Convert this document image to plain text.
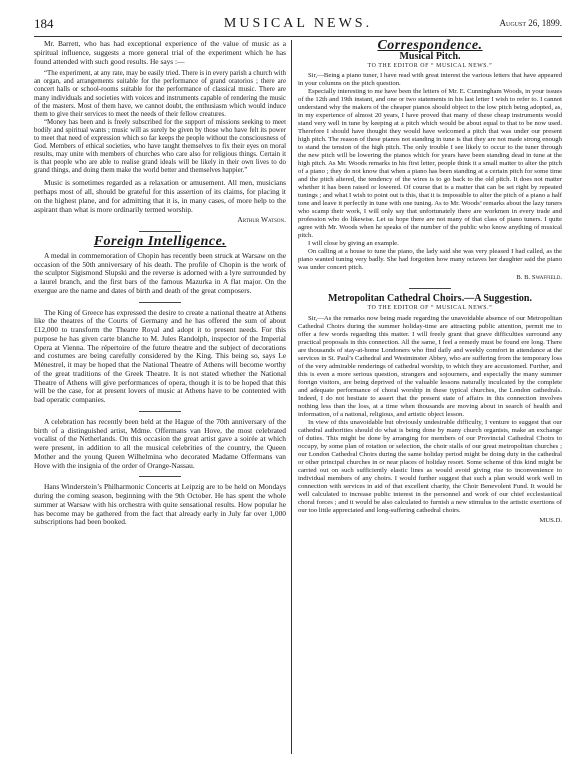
184	MUSICAL NEWS.	August 26, 1899.

Mr. Barrett, who has had exceptional experience of the value of music as a spiritual influence, suggests a more general trial of the experiment which he has found attended with such good results. He says :—

“The experiment, at any rate, may be easily tried. There is in every parish a church with an organ, and arrangements suitable for the performance of grand oratorios ; there are concert halls or school-rooms suitable for the performance of classical music. There are many individuals and societies with voices and instruments capable of rendering the music of the masters. Most of them have, we cannot doubt, the enthusiasm which would induce them to give their services to meet the needs of their fellow creatures.

“Money has been and is freely subscribed for the support of missions seeking to meet bodily and spiritual wants ; music will as surely be given by those who have felt its power to meet that need of expression which so far keeps the people without the consciousness of God. Members of ethical societies, who have taught themselves to fix their eyes on moral results, may unite with members of churches who care also for religious things. Certain it is that people who are able to realise grand ideals will be likely in their own lives to do grand things, and doing them make the world better and themselves happier.”

Music is sometimes regarded as a relaxation or amusement. All men, musicians perhaps most of all, should be grateful for this assertion of its claims, for placing it on the highest plane, and for admitting that it is, in many cases, of more help to the aspirant than what is more ordinarily termed worship.

Arthur Watson.
Foreign Intelligence.

A medal in commemoration of Chopin has recently been struck at Warsaw on the occasion of the 50th anniversary of his death. The profile of Chopin is the work of the sculptor Sigismond Slupski and the reverse is adorned with a lyre surrounded by a laurel branch, and the first bars of the famous Mazurka in A flat major. On the exergue are the name and dates of birth and death of the great composers.

The King of Greece has expressed the desire to create a national theatre at Athens like the theatres of the Courts of Germany and he has offered the sum of about £12,000 to transform the Theatre Royal and adopt it to present needs. For this purpose he has given carte blanche to M. Jules Randolph, inspector of the Imperial Opera at Vienna. The répertoire of the future theatre and the subject of decorations and costumes are being carefully considered by the King. This being so, says Le Ménestrel, it may be hoped that the National Theatre of Athens will become worthy of the great traditions of the Greek Theatre. It is not stated whether the National Theatre of Athens will give performances of opera, though it is to be hoped that this will be the case, for at present lovers of music at Athens have to be contented with bad operatic companies.

A celebration has recently been held at the Hague of the 70th anniversary of the birth of a distinguished artist, Mdme. Offermans van Hove, the most celebrated vocalist of the Netherlands. On this occasion the great artist gave a soirée at which were present, in addition to all the musical celebrities of the country, the Queen Mother and the young Queen Wilhelmina who decorated Madame Offermans van Hove with the insignia of the order of Orange-Nassau.

Hans Winderstein’s Philharmonic Concerts at Leipzig are to be held on Mondays during the coming season, beginning with the 9th October. He has spent the whole summer at Warsaw with his orchestra with quite sensational results. How popular he has become may be gathered from the fact that already early in July far over 1,000 subscriptions had been booked.

Correspondence.
Musical Pitch.
TO THE EDITOR OF “ MUSICAL NEWS.”

Sir,—Being a piano tuner, I have read with great interest the various letters that have appeared in your columns on the pitch question.

Especially interesting to me have been the letters of Mr. E. Cunningham Woods, in your issues of the 12th and 19th instant, and one or two statements in his last letter I wish to refer to. I cannot understand why the makers of the cheaper pianos should object to the low pitch being adopted, as, in my experience of almost 20 years, I have proved that many of these cheap instruments would stand very well in tune by keeping at a pitch which would be about equal to that to be now used. Therefore I should have thought they would have welcomed a pitch that was under our present high pitch. The reason of these pianos not standing in tune is that they are not made strong enough to stand the tension of the high pitch. The only trouble I see likely to occur to the tuner through the new pitch will be lowering the pianos which for years have been standing dead in tune at the high pitch. As Mr. Woods remarks in his first letter, people think it a small matter to alter the pitch of a piano ; they do not know that when a piano has been standing at a certain pitch for some time and the pitch altered, the tendency of the wires is to go back to the old pitch. It does not matter whether it has been raised or lowered. Of course that is a matter that can be set right by repeated tunings ; and what I wish to point out is this, that it is impossible to alter the pitch of a piano a half tone and leave it perfectly in tune with one tuning. As to Mr. Woods’ remarks about the lazy tuners who scamp their work, I will only say that unfortunately there are workmen in every trade and profession who do likewise. Let us hope there are not many of that class of piano tuners. I quite agree with Mr. Woods when he speaks of the number of the public who know anything of musical pitch.

I will close by giving an example.

On calling at a house to tune the piano, the lady said she was very pleased I had called, as the piano wanted tuning very badly. She had forgotten how many octaves her daughter said the piano was under concert pitch.

B. B. Swaffield.
Metropolitan Cathedral Choirs.—A Suggestion.
TO THE EDITOR OF “ MUSICAL NEWS.”

Sir,—As the remarks now being made regarding the unavoidable absence of our Metropolitan Cathedral Choirs during the summer holiday-time are attracting public attention, permit me to offer a few words regarding this matter. I will freely grant that grave difficulties surround any practical proposals in this connection. All the same, I feel a remedy must be found ere long. There are thousands of stay-at-home Londoners who find daily and weekly comfort in attendance at the services in St. Paul’s Cathedral and Westminster Abbey, who are suffering from the temporary loss of the very admirable renderings of cathedral worship, to which they are accustomed. Further, and this is even a more serious question, strangers and sojourners, and especially the many summer foreign visitors, are being deprived of the valuable lessons naturally inculcated by the complete and adequate performance of choral worship in these typical churches, the London cathedrals. Indeed, I do not hesitate to assert that the present state of affairs in this connection involves nothing less than the loss, at a time when thousands are moving about in search of health and information, of a national, religious, and artistic object lesson.

In view of this unavoidable but obviously undesirable difficulty, I venture to suggest that our cathedral authorities should do what is being done by many church organists, make an exchange of duties. This might be done by arranging for members of our Provincial Cathedral Choirs to occupy, by some plan of rotation or selection, the choir stalls of our great metropolitan churches ; our London Cathedral Choirs during the same holiday period might be doing duty in the cathedral or other principal churches in or near places of holiday resort. Some scheme of this kind might be carried out on such sufficiently elastic lines as would avoid giving rise to inconvenience to individual members of any choirs. I would further suggest that such a plan would work well in connection with services in aid of that excellent charity, the Choir Benevolent Fund. It would be well calculated to increase public interest in the personnel and work of our chief ecclesiastical choral forces ; and it would be also calculated to furnish a new stimulus to the artistic exertions of our too little appreciated and long-suffering cathedral choirs.

MUS.D.
